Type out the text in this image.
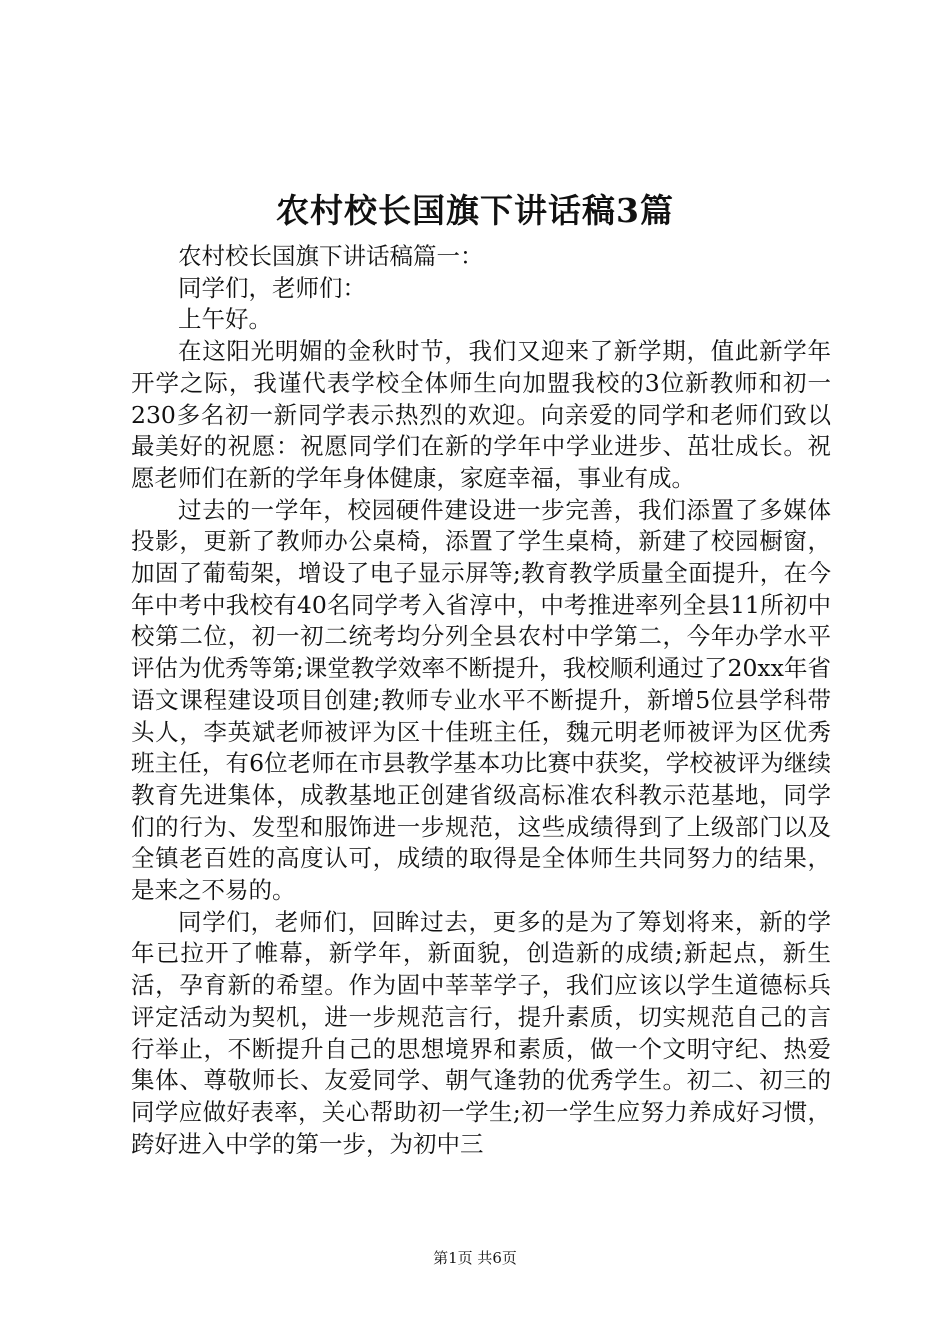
农村校长国旗下讲话稿3篇

农村校长国旗下讲话稿篇一：

同学们，老师们：

上午好。

在这阳光明媚的金秋时节，我们又迎来了新学期，值此新学年开学之际，我谨代表学校全体师生向加盟我校的3位新教师和初一230多名初一新同学表示热烈的欢迎。向亲爱的同学和老师们致以最美好的祝愿：祝愿同学们在新的学年中学业进步、茁壮成长。祝愿老师们在新的学年身体健康，家庭幸福，事业有成。

过去的一学年，校园硬件建设进一步完善，我们添置了多媒体投影，更新了教师办公桌椅，添置了学生桌椅，新建了校园橱窗，加固了葡萄架，增设了电子显示屏等;教育教学质量全面提升，在今年中考中我校有40名同学考入省淳中，中考推进率列全县11所初中校第二位，初一初二统考均分列全县农村中学第二，今年办学水平评估为优秀等第;课堂教学效率不断提升，我校顺利通过了20xx年省语文课程建设项目创建;教师专业水平不断提升，新增5位县学科带头人，李英斌老师被评为区十佳班主任，魏元明老师被评为区优秀班主任，有6位老师在市县教学基本功比赛中获奖，学校被评为继续教育先进集体，成教基地正创建省级高标准农科教示范基地，同学们的行为、发型和服饰进一步规范，这些成绩得到了上级部门以及全镇老百姓的高度认可，成绩的取得是全体师生共同努力的结果，是来之不易的。

同学们，老师们，回眸过去，更多的是为了筹划将来，新的学年已拉开了帷幕，新学年，新面貌，创造新的成绩;新起点，新生活，孕育新的希望。作为固中莘莘学子，我们应该以学生道德标兵评定活动为契机，进一步规范言行，提升素质，切实规范自己的言行举止，不断提升自己的思想境界和素质，做一个文明守纪、热爱集体、尊敬师长、友爱同学、朝气逢勃的优秀学生。初二、初三的同学应做好表率，关心帮助初一学生;初一学生应努力养成好习惯，跨好进入中学的第一步，为初中三

第1页 共6页
